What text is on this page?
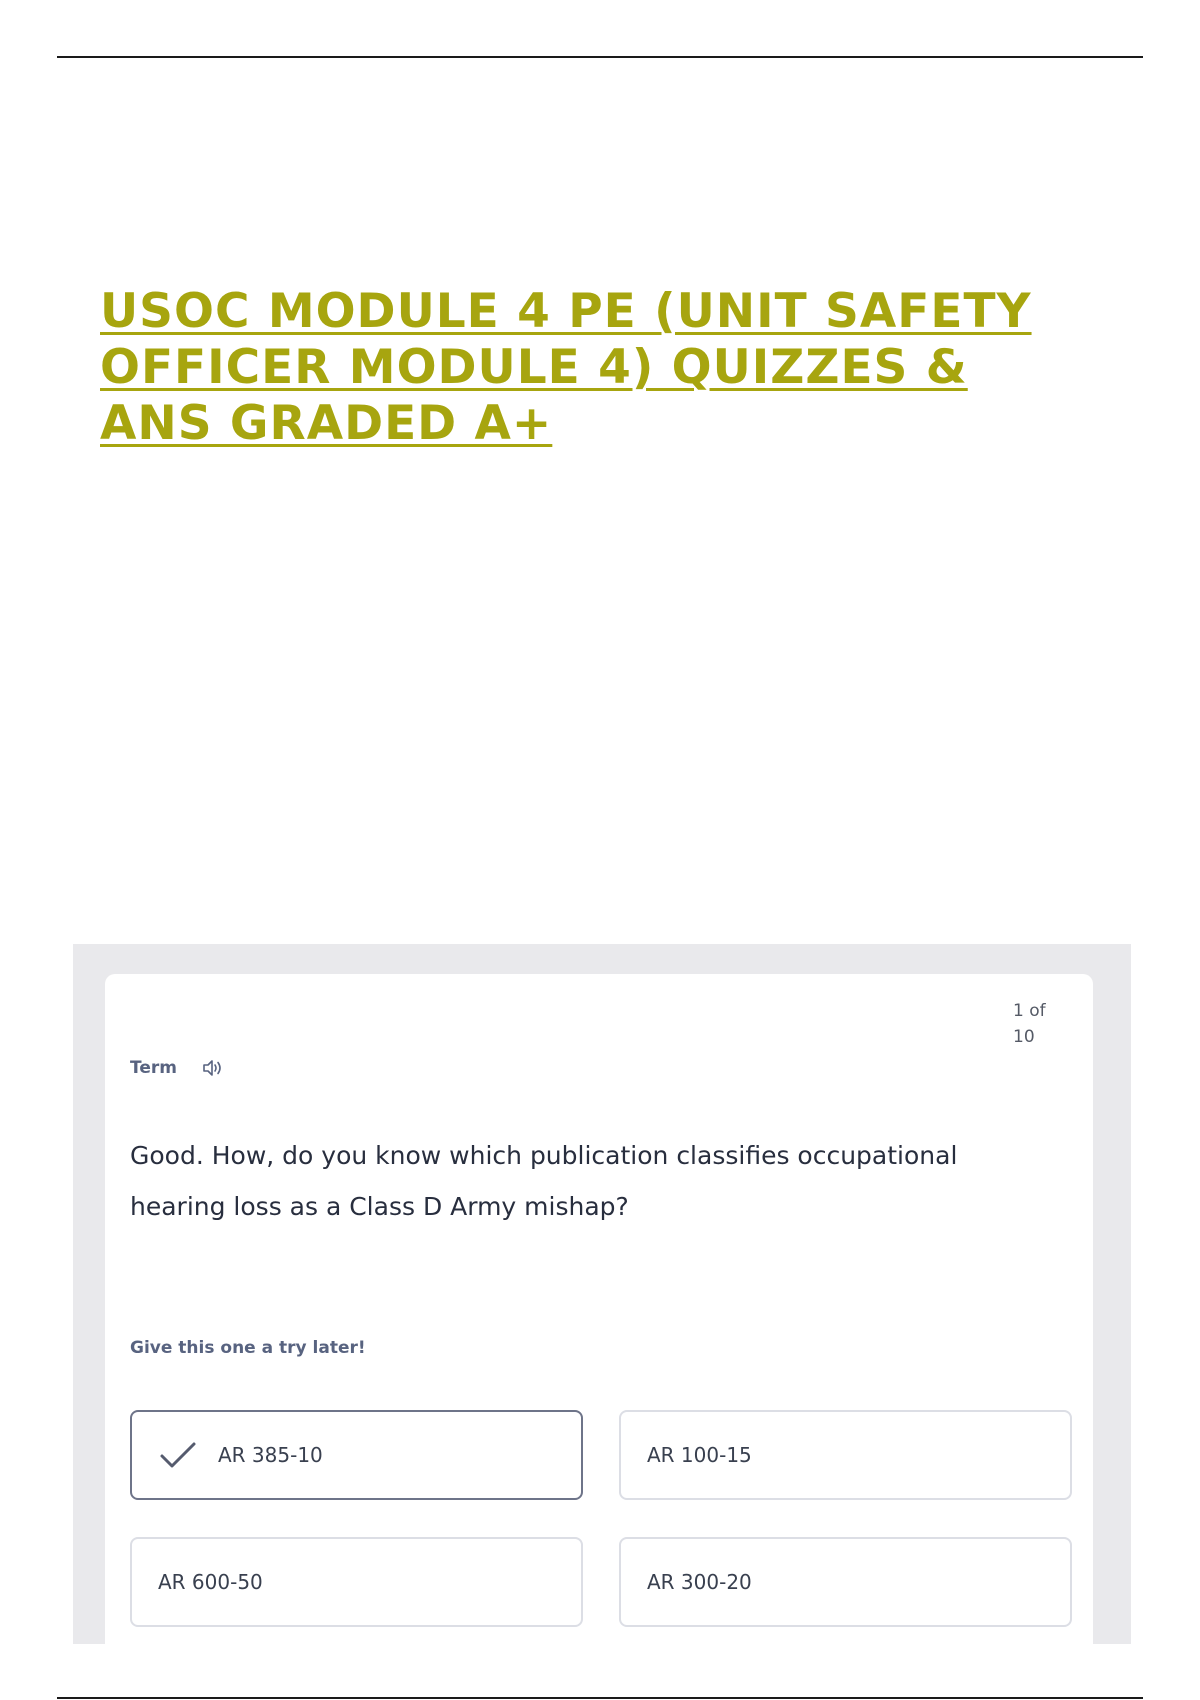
USOC MODULE 4 PE (UNIT SAFETY OFFICER MODULE 4) QUIZZES & ANS GRADED A+
1 of
10
Term
Good. How, do you know which publication classifies occupational hearing loss as a Class D Army mishap?
Give this one a try later!
AR 385-10	AR 100-15
AR 600-50	AR 300-20
